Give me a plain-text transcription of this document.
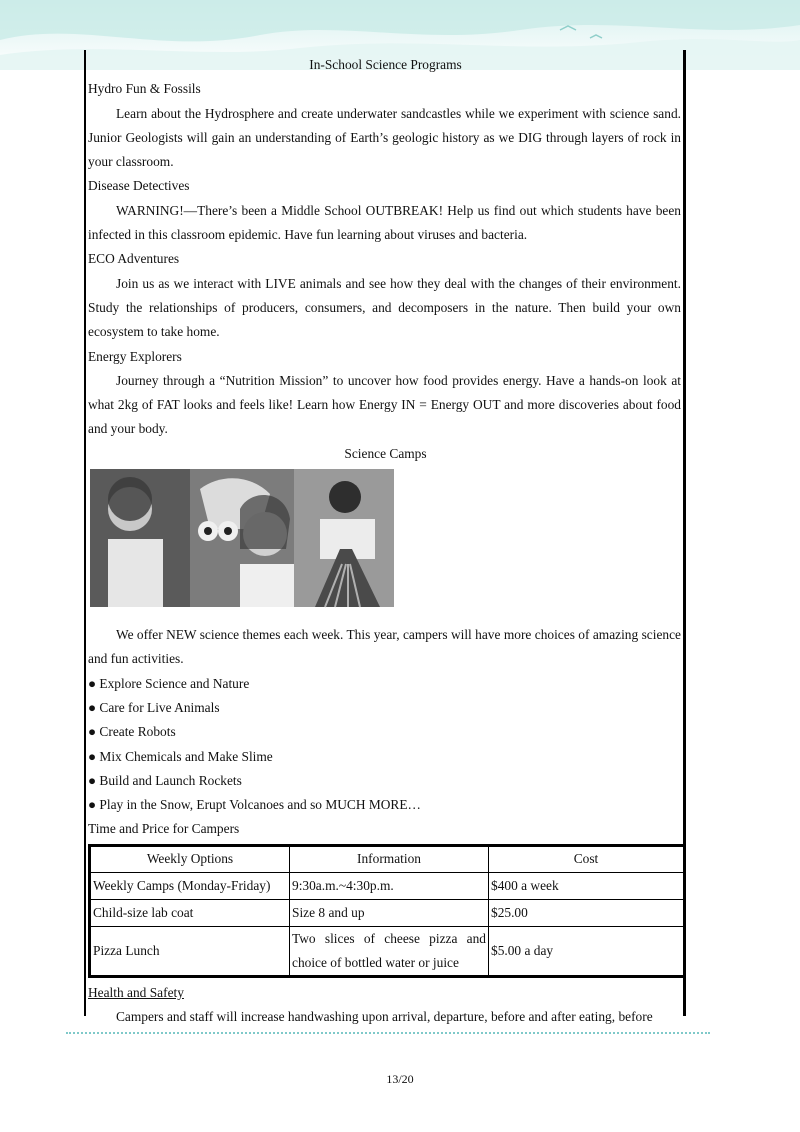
In-School Science Programs

Hydro Fun & Fossils

Learn about the Hydrosphere and create underwater sandcastles while we experiment with science sand. Junior Geologists will gain an understanding of Earth’s geologic history as we DIG through layers of rock in your classroom.

Disease Detectives

WARNING!—There’s been a Middle School OUTBREAK! Help us find out which students have been infected in this classroom epidemic. Have fun learning about viruses and bacteria.

ECO Adventures

Join us as we interact with LIVE animals and see how they deal with the changes of their environment. Study the relationships of producers, consumers, and decomposers in the nature. Then build your own ecosystem to take home.

Energy Explorers

Journey through a “Nutrition Mission” to uncover how food provides energy. Have a hands-on look at what 2kg of FAT looks and feels like! Learn how Energy IN = Energy OUT and more discoveries about food and your body.

Science Camps

We offer NEW science themes each week. This year, campers will have more choices of amazing science and fun activities.

● Explore Science and Nature
● Care for Live Animals
● Create Robots
● Mix Chemicals and Make Slime
● Build and Launch Rockets
● Play in the Snow, Erupt Volcanoes and so MUCH MORE…

Time and Price for Campers

Weekly Options	Information	Cost
Weekly Camps (Monday-Friday)	9:30a.m.~4:30p.m.	$400 a week
Child-size lab coat	Size 8 and up	$25.00
Pizza Lunch	Two slices of cheese pizza and choice of bottled water or juice	$5.00 a day

Health and Safety

Campers and staff will increase handwashing upon arrival, departure, before and after eating, before

13/20
